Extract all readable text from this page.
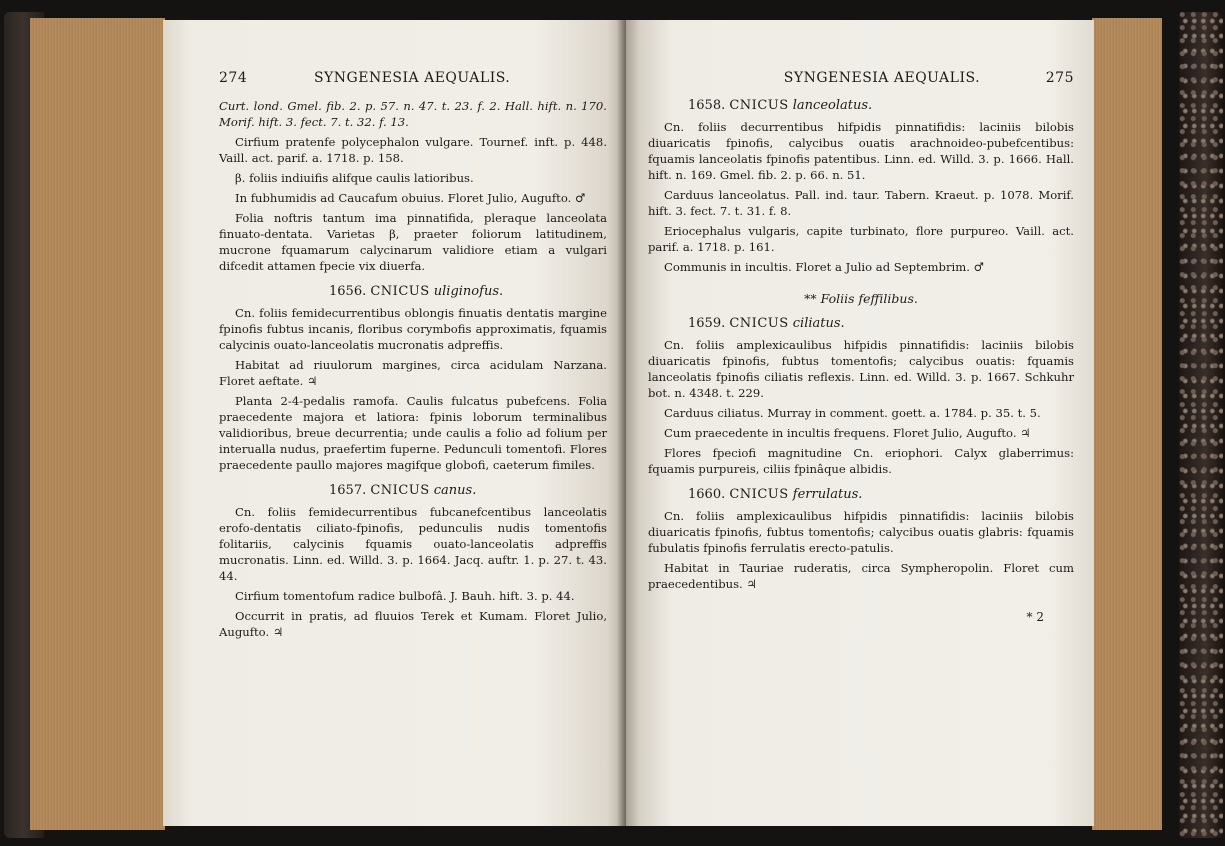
274	SYNGENESIA AEQUALIS.

Curt. lond. Gmel. fib. 2. p. 57. n. 47. t. 23. f. 2. Hall. hift. n. 170. Morif. hift. 3. fect. 7. t. 32. f. 13.

Cirfium pratenfe polycephalon vulgare. Tournef. inft. p. 448. Vaill. act. parif. a. 1718. p. 158.

β. foliis indiuifis alifque caulis latioribus.

In fubhumidis ad Caucafum obuius. Floret Julio, Augufto. ♂

Folia noftris tantum ima pinnatifida, pleraque lanceolata finuato-dentata. Varietas β, praeter foliorum latitudinem, mucrone fquamarum calycinarum validiore etiam a vulgari difcedit attamen fpecie vix diuerfa.

1656. CNICUS uliginofus.

Cn. foliis femidecurrentibus oblongis finuatis dentatis margine fpinofis fubtus incanis, floribus corymbofis approximatis, fquamis calycinis ouato-lanceolatis mucronatis adpreffis.

Habitat ad riuulorum margines, circa acidulam Narzana. Floret aeftate. ♃

Planta 2-4-pedalis ramofa. Caulis fulcatus pubefcens. Folia praecedente majora et latiora: fpinis loborum terminalibus validioribus, breue decurrentia; unde caulis a folio ad folium per interualla nudus, praefertim fuperne. Pedunculi tomentofi. Flores praecedente paullo majores magifque globofi, caeterum fimiles.

1657. CNICUS canus.

Cn. foliis femidecurrentibus fubcanefcentibus lanceolatis erofo-dentatis ciliato-fpinofis, pedunculis nudis tomentofis folitariis, calycinis fquamis ouato-lanceolatis adpreffis mucronatis. Linn. ed. Willd. 3. p. 1664. Jacq. auftr. 1. p. 27. t. 43. 44.

Cirfium tomentofum radice bulbofâ. J. Bauh. hift. 3. p. 44.

Occurrit in pratis, ad fluuios Terek et Kumam. Floret Julio, Augufto. ♃

SYNGENESIA AEQUALIS.	275
1658. CNICUS lanceolatus.

Cn. foliis decurrentibus hifpidis pinnatifidis: laciniis bilobis diuaricatis fpinofis, calycibus ouatis arachnoideo-pubefcentibus: fquamis lanceolatis fpinofis patentibus. Linn. ed. Willd. 3. p. 1666. Hall. hift. n. 169. Gmel. fib. 2. p. 66. n. 51.

Carduus lanceolatus. Pall. ind. taur. Tabern. Kraeut. p. 1078. Morif. hift. 3. fect. 7. t. 31. f. 8.

Eriocephalus vulgaris, capite turbinato, flore purpureo. Vaill. act. parif. a. 1718. p. 161.

Communis in incultis. Floret a Julio ad Septembrim. ♂

** Foliis feffilibus.
1659. CNICUS ciliatus.

Cn. foliis amplexicaulibus hifpidis pinnatifidis: laciniis bilobis diuaricatis fpinofis, fubtus tomentofis; calycibus ouatis: fquamis lanceolatis fpinofis ciliatis reflexis. Linn. ed. Willd. 3. p. 1667. Schkuhr bot. n. 4348. t. 229.

Carduus ciliatus. Murray in comment. goett. a. 1784. p. 35. t. 5.

Cum praecedente in incultis frequens. Floret Julio, Augufto. ♃

Flores fpeciofi magnitudine Cn. eriophori. Calyx glaberrimus: fquamis purpureis, ciliis fpinâque albidis.

1660. CNICUS ferrulatus.

Cn. foliis amplexicaulibus hifpidis pinnatifidis: laciniis bilobis diuaricatis fpinofis, fubtus tomentofis; calycibus ouatis glabris: fquamis fubulatis fpinofis ferrulatis erecto-patulis.

Habitat in Tauriae ruderatis, circa Sympheropolin. Floret cum praecedentibus. ♃

* 2
